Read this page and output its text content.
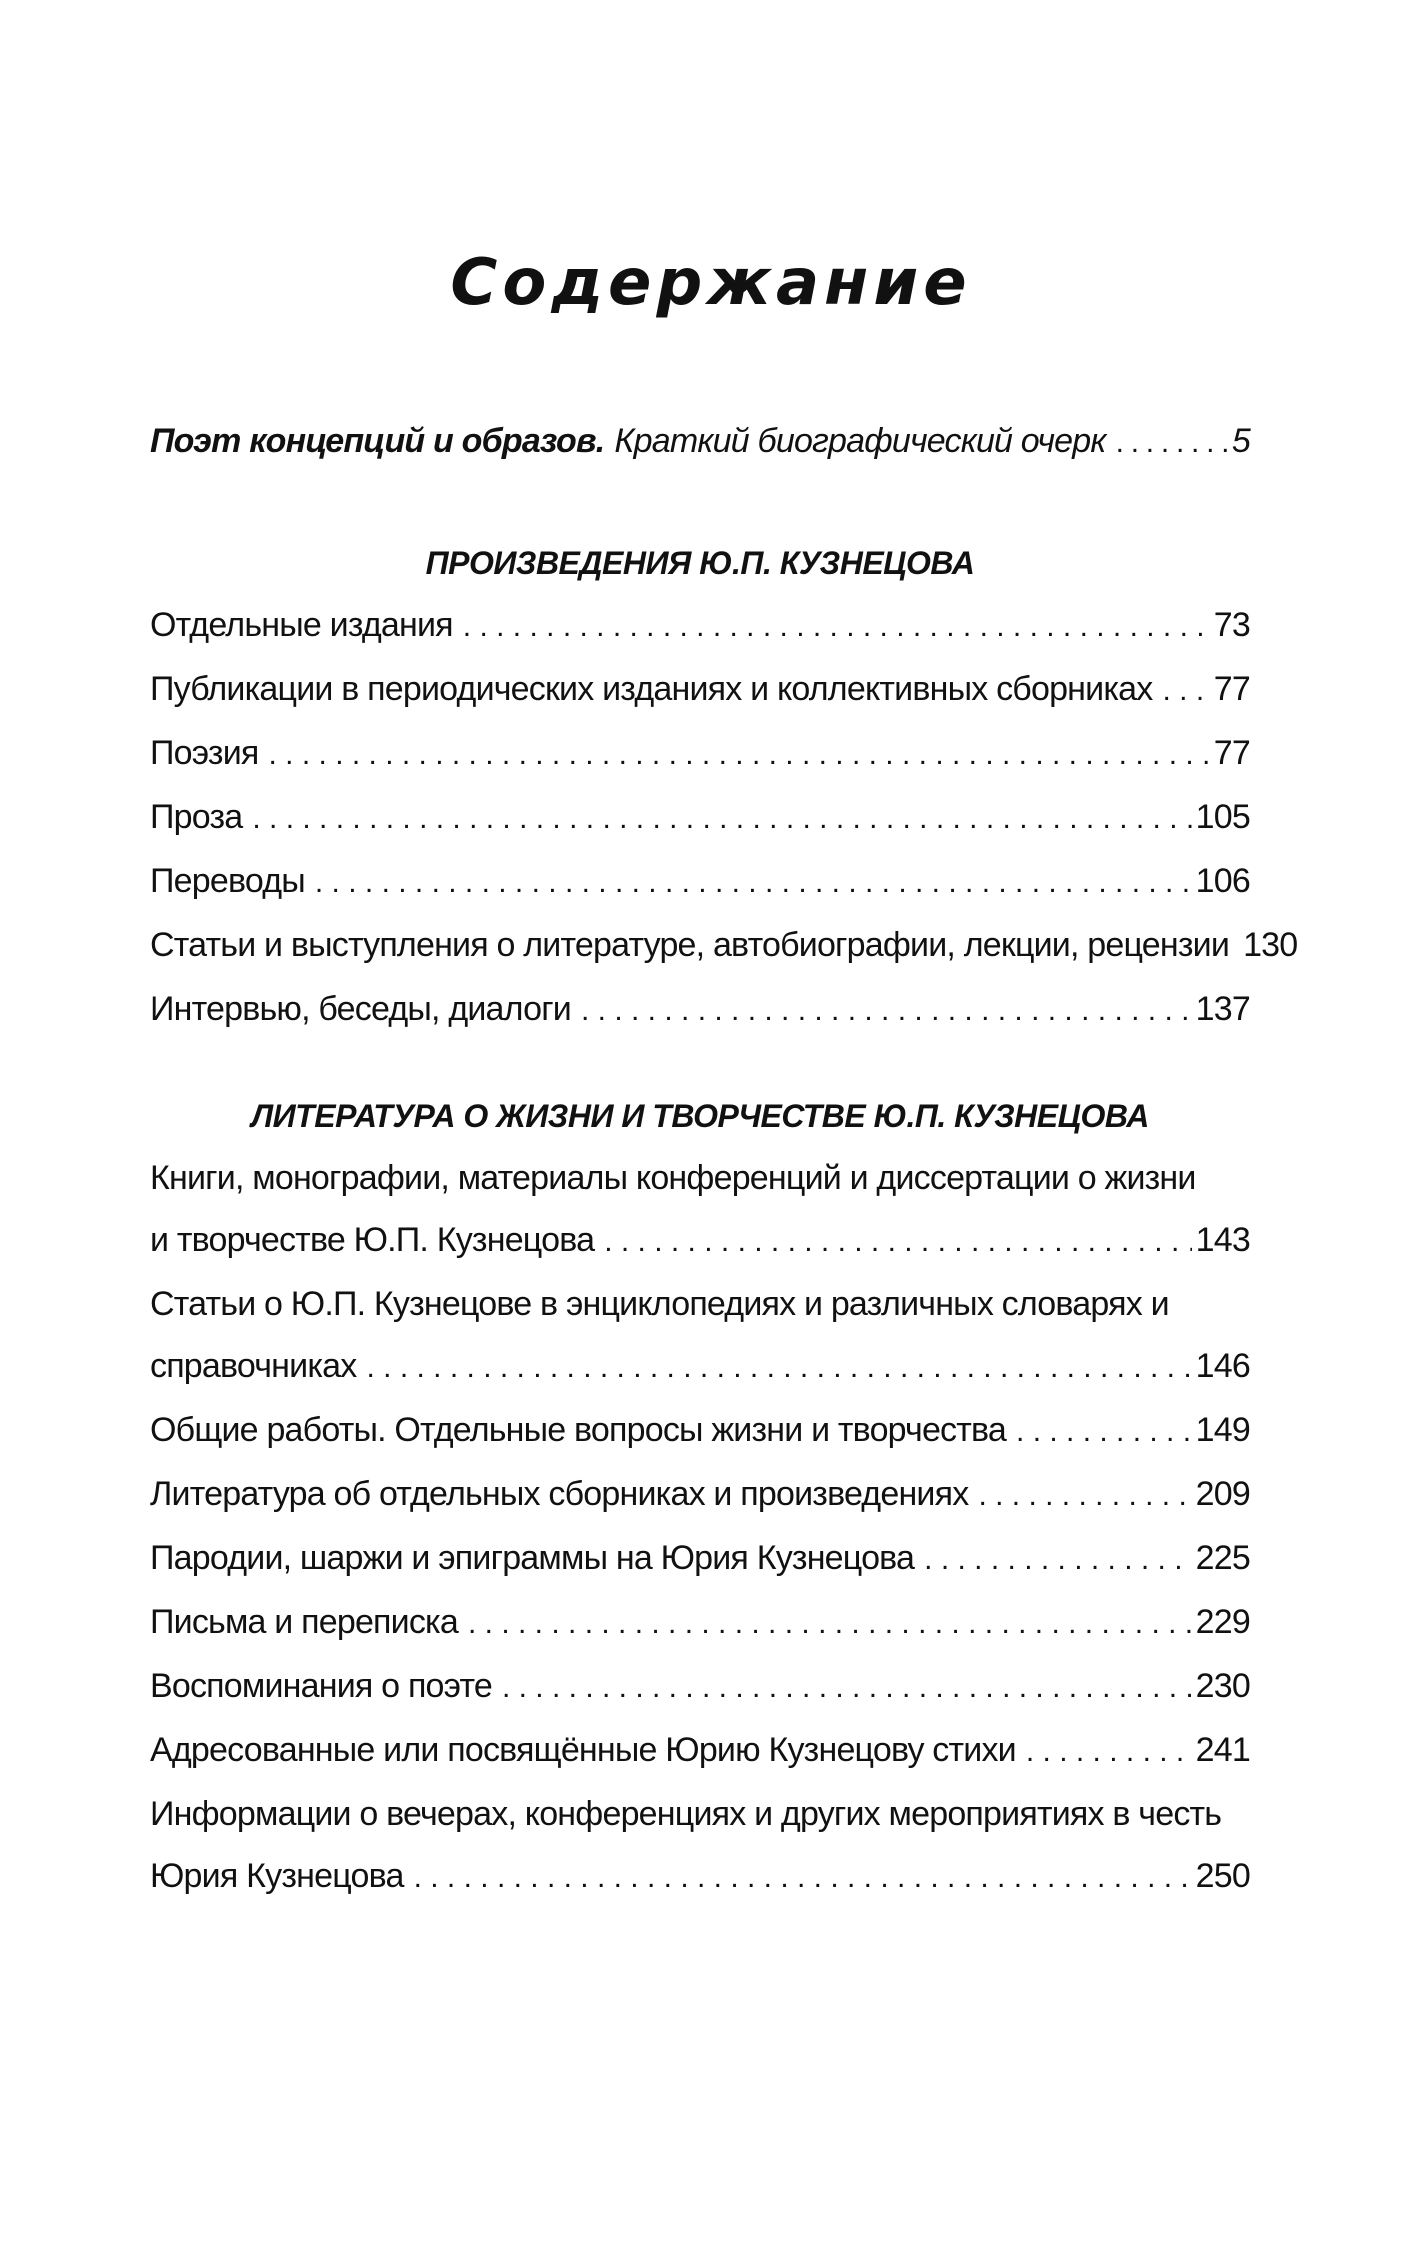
Содержание
Поэт концепций и образов. Краткий биографический очерк . . .	5
ПРОИЗВЕДЕНИЯ Ю.П. КУЗНЕЦОВА
Отдельные издания . . .	73
Публикации в периодических изданиях и коллективных сборниках . . . 77
Поэзия . . .	77
Проза . . .	105
Переводы . . .	106
Статьи и выступления о литературе, автобиографии, лекции, рецензии 130
Интервью, беседы, диалоги . . .	137
ЛИТЕРАТУРА О ЖИЗНИ И ТВОРЧЕСТВЕ Ю.П. КУЗНЕЦОВА
Книги, монографии, материалы конференций и диссертации о жизни
и творчестве Ю.П. Кузнецова . . .	143
Статьи о Ю.П. Кузнецове в энциклопедиях и различных словарях и
справочниках . . .	146
Общие работы. Отдельные вопросы жизни и творчества . . .	149
Литература об отдельных сборниках и произведениях . . .	209
Пародии, шаржи и эпиграммы на Юрия Кузнецова . . .	225
Письма и переписка . . .	229
Воспоминания о поэте . . .	230
Адресованные или посвящённые Юрию Кузнецову стихи . . .	241
Информации о вечерах, конференциях и других мероприятиях в честь
Юрия Кузнецова . . .	250
